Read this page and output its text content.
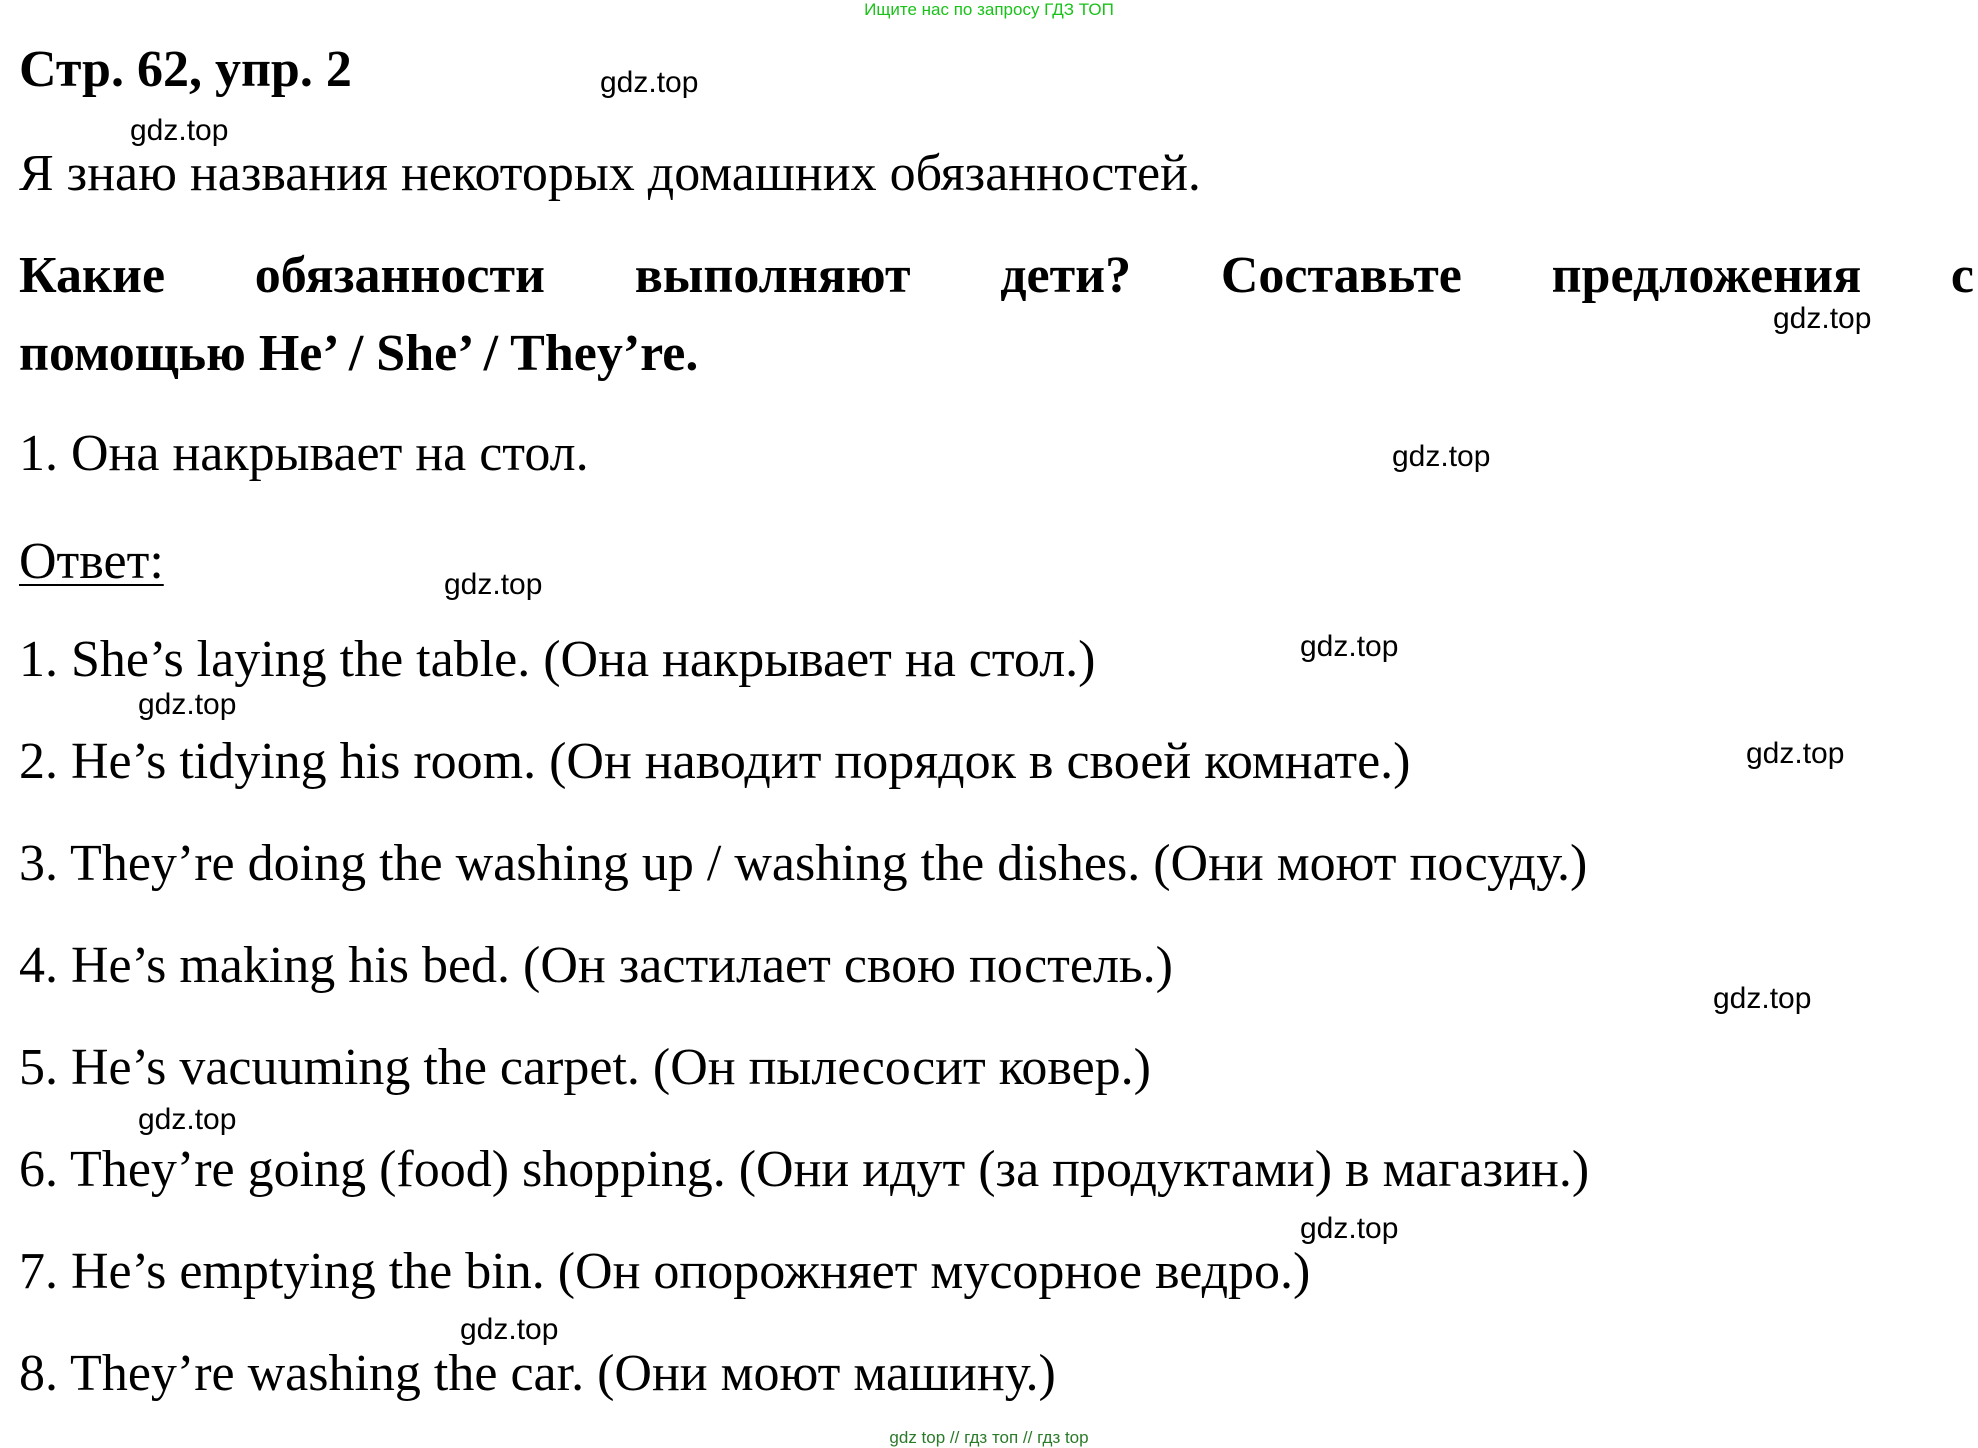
Ищите нас по запросу ГДЗ ТОП
Стр. 62, упр. 2
Я знаю названия некоторых домашних обязанностей.
Какие обязанности выполняют дети? Составьте предложения с
помощью He’ / She’ / They’re.
1. Она накрывает на стол.
Ответ:
1. She’s laying the table. (Она накрывает на стол.)
2. He’s tidying his room. (Он наводит порядок в своей комнате.)
3. They’re doing the washing up / washing the dishes. (Они моют посуду.)
4. He’s making his bed. (Он застилает свою постель.)
5. He’s vacuuming the carpet. (Он пылесосит ковер.)
6. They’re going (food) shopping. (Они идут (за продуктами) в магазин.)
7. He’s emptying the bin. (Он опорожняет мусорное ведро.)
8. They’re washing the car. (Они моют машину.)
gdz.top
gdz.top
gdz.top
gdz.top
gdz.top
gdz.top
gdz.top
gdz.top
gdz.top
gdz.top
gdz.top
gdz.top
gdz top // гдз топ // гдз top
